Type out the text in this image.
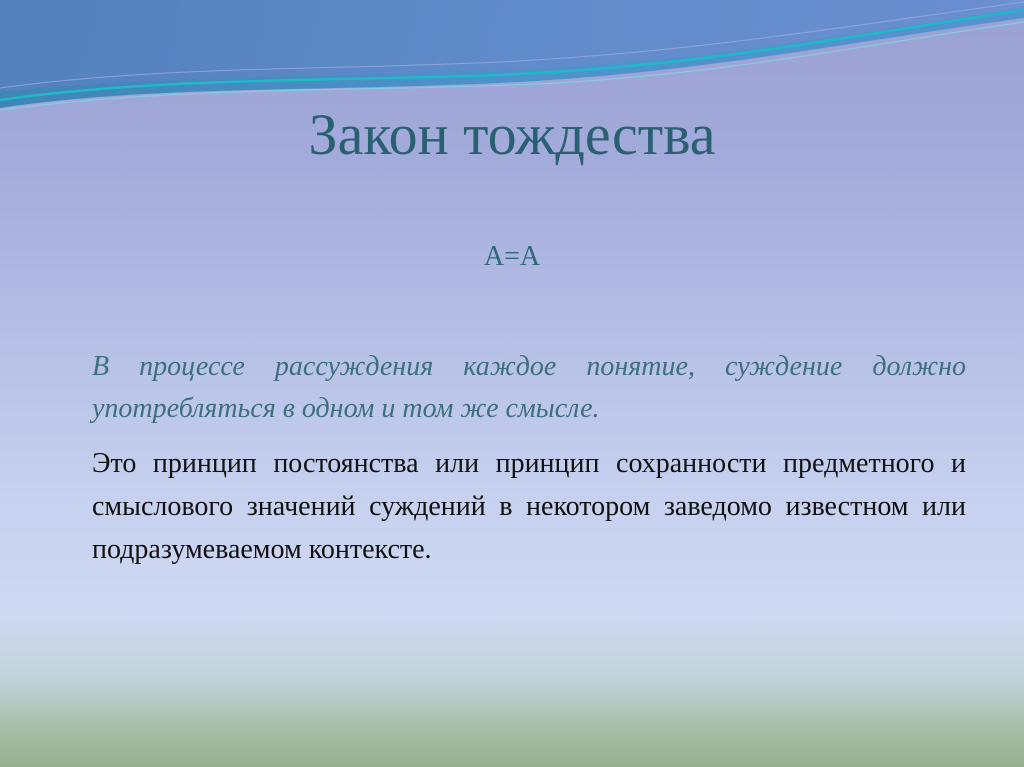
Закон тождества
А=А

В процессе рассуждения каждое понятие, суждение должно употребляться в одном и том же смысле.

Это принцип постоянства или принцип сохранности предметного и смыслового значений суждений в некотором заведомо известном или подразумеваемом контексте.
